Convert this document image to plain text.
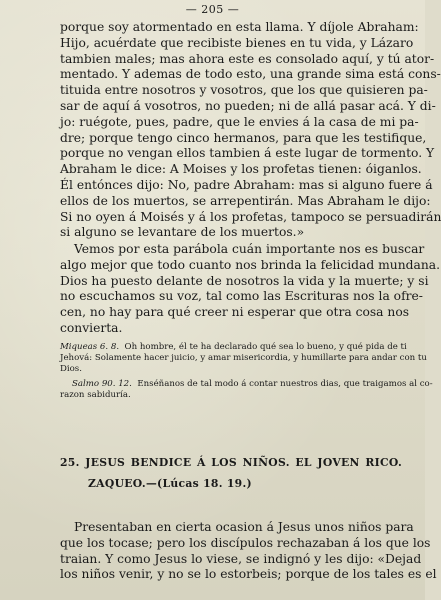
— 205 —
porque soy atormentado en esta llama. Y díjole Abraham:
Hijo, acuérdate que recibiste bienes en tu vida, y Lázaro
tambien males; mas ahora este es consolado aquí, y tú ator-
mentado. Y ademas de todo esto, una grande sima está cons-
tituida entre nosotros y vosotros, que los que quisieren pa-
sar de aquí á vosotros, no pueden; ni de allá pasar acá. Y di-
jo: ruégote, pues, padre, que le envies á la casa de mi pa-
dre; porque tengo cinco hermanos, para que les testifique,
porque no vengan ellos tambien á este lugar de tormento. Y
Abraham le dice: A Moises y los profetas tienen: óiganlos.
Él entónces dijo: No, padre Abraham: mas si alguno fuere á
ellos de los muertos, se arrepentirán. Mas Abraham le dijo:
Si no oyen á Moisés y á los profetas, tampoco se persuadirán
si alguno se levantare de los muertos.»
Vemos por esta parábola cuán importante nos es buscar
algo mejor que todo cuanto nos brinda la felicidad mundana.
Dios ha puesto delante de nosotros la vida y la muerte; y si
no escuchamos su voz, tal como las Escrituras nos la ofre-
cen, no hay para qué creer ni esperar que otra cosa nos
convierta.
Miqueas 6. 8. Oh hombre, él te ha declarado qué sea lo bueno, y qué pida de ti
Jehová: Solamente hacer juicio, y amar misericordia, y humillarte para andar con tu
Dios.
Salmo 90. 12. Enséñanos de tal modo á contar nuestros dias, que traigamos al co-
razon sabiduría.
25. JESUS BENDICE Á LOS NIÑOS. EL JOVEN RICO.
ZAQUEO.—(Lúcas 18. 19.)
Presentaban en cierta ocasion á Jesus unos niños para
que los tocase; pero los discípulos rechazaban á los que los
traian. Y como Jesus lo viese, se indignó y les dijo: «Dejad
los niños venir, y no se lo estorbeis; porque de los tales es el
